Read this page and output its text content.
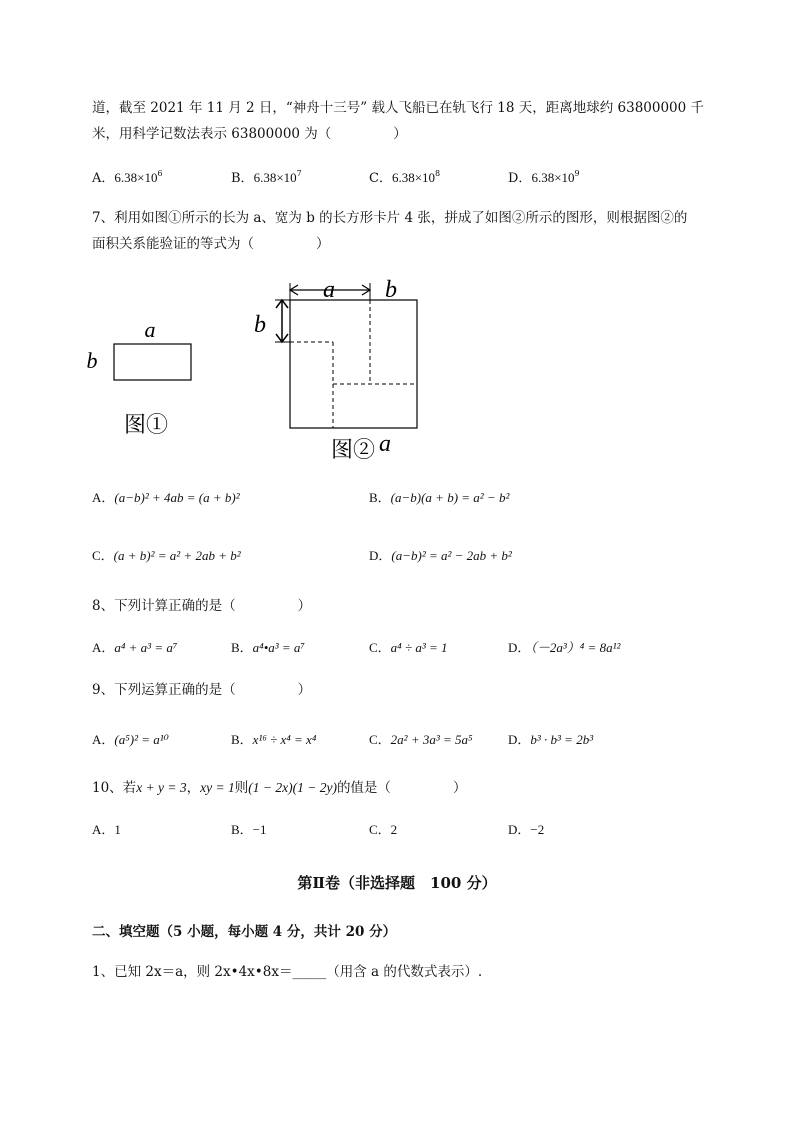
道，截至 2021 年 11 月 2 日，“神舟十三号” 载人飞船已在轨飞行 18 天，距离地球约 63800000 千
米，用科学记数法表示 63800000 为（	）
A．$6.38\times 10^6$	B．$6.38\times 10^7$	C．$6.38\times 10^8$	D．$6.38\times 10^9$
7、利用如图①所示的长为 a、宽为 b 的长方形卡片 4 张，拼成了如图②所示的图形，则根据图②的
面积关系能验证的等式为（	）
a
b
图①
a b
b
图② a
A．(a−b)² + 4ab = (a + b)²	B．(a−b)(a + b) = a² − b²
C．(a + b)² = a² + 2ab + b²	D．(a−b)² = a² − 2ab + b²
8、下列计算正确的是（	）
A．a⁴ + a³ = a⁷	B．a⁴•a³ = a⁷	C．a⁴ ÷ a³ = 1	D．（－2a³）⁴ = 8a¹²
9、下列运算正确的是（	）
A．(a⁵)² = a¹⁰	B．x¹⁶ ÷ x⁴ = x⁴	C．2a² + 3a³ = 5a⁵	D．b³ · b³ = 2b³
10、若x + y = 3，xy = 1则(1 − 2x)(1 − 2y)的值是（	）
A．1	B．−1	C．2	D．−2
第Ⅱ卷（非选择题　100 分）
二、填空题（5 小题，每小题 4 分，共计 20 分）
1、已知 2x＝a，则 2x•4x•8x＝_____（用含 a 的代数式表示）.
